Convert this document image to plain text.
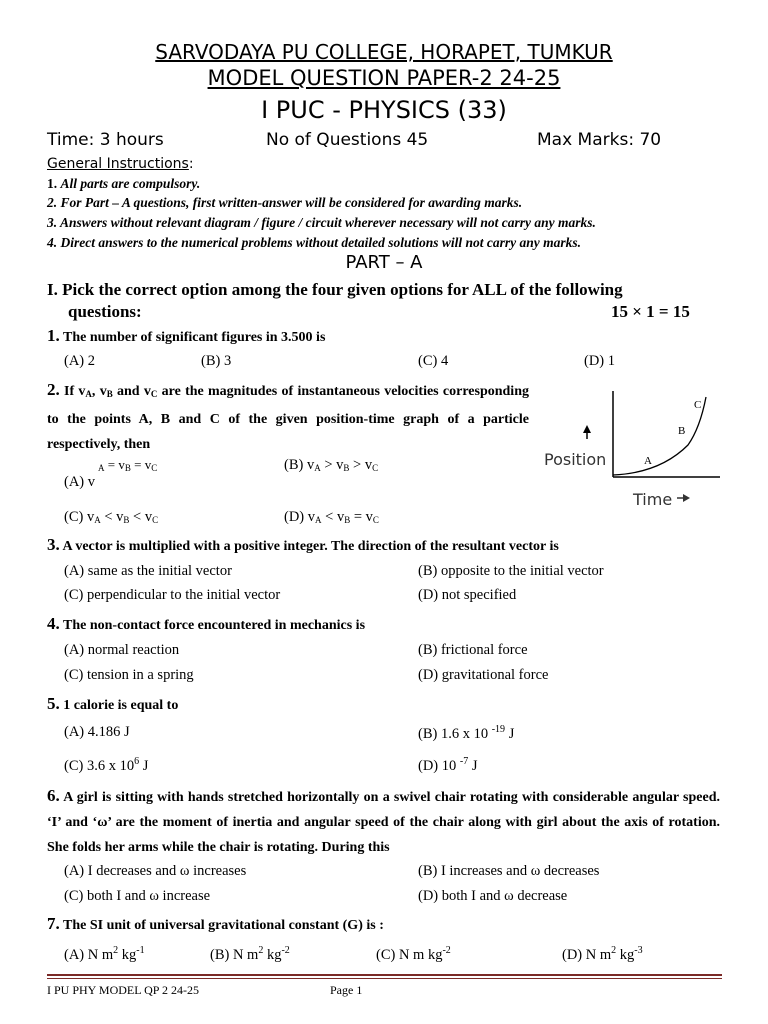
SARVODAYA PU COLLEGE, HORAPET, TUMKUR
MODEL QUESTION PAPER-2 24-25
I PUC - PHYSICS (33)
Time: 3 hours	No of Questions 45	Max Marks: 70
General Instructions:
1. All parts are compulsory.
2. For Part – A questions, first written-answer will be considered for awarding marks.
3. Answers without relevant diagram / figure / circuit wherever necessary will not carry any marks.
4. Direct answers to the numerical problems without detailed solutions will not carry any marks.
PART – A
I. Pick the correct option among the four given options for ALL of the following
questions:	15 × 1 = 15
1. The number of significant figures in 3.500 is
(A) 2	(B) 3	(C) 4	(D) 1
2. If $v_A$, $v_B$ and $v_C$ are the magnitudes of instantaneous velocities corresponding to the points A, B and C of the given position-time graph of a particle respectively, then
(A) v
$_A = v_B = v_C$	(B) $v_A > v_B > v_C$
(C) $v_A < v_B < v_C$	(D) $v_A < v_B = v_C$
Position
Time
A
B
C
3. A vector is multiplied with a positive integer. The direction of the resultant vector is
(A) same as the initial vector	(B) opposite to the initial vector
(C) perpendicular to the initial vector	(D) not specified
4. The non-contact force encountered in mechanics is
(A) normal reaction	(B) frictional force
(C) tension in a spring	(D) gravitational force
5. 1 calorie is equal to
(A) 4.186 J	(B) 1.6 x 10 $^{-19}$ J
(C) 3.6 x $10^6$ J	(D) 10 $^{-7}$ J
6. A girl is sitting with hands stretched horizontally on a swivel chair rotating with considerable angular speed. ‘I’ and ‘ω’ are the moment of inertia and angular speed of the chair along with girl about the axis of rotation. She folds her arms while the chair is rotating. During this
(A) I decreases and ω increases	(B) I increases and ω decreases
(C) both I and ω increase	(D) both I and ω decrease
7. The SI unit of universal gravitational constant (G) is :
(A) N $m^2$ $kg^{-1}$	(B) N $m^2$ $kg^{-2}$	(C) N m $kg^{-2}$	(D) N $m^2$ $kg^{-3}$
I PU PHY MODEL QP 2 24-25	Page 1
